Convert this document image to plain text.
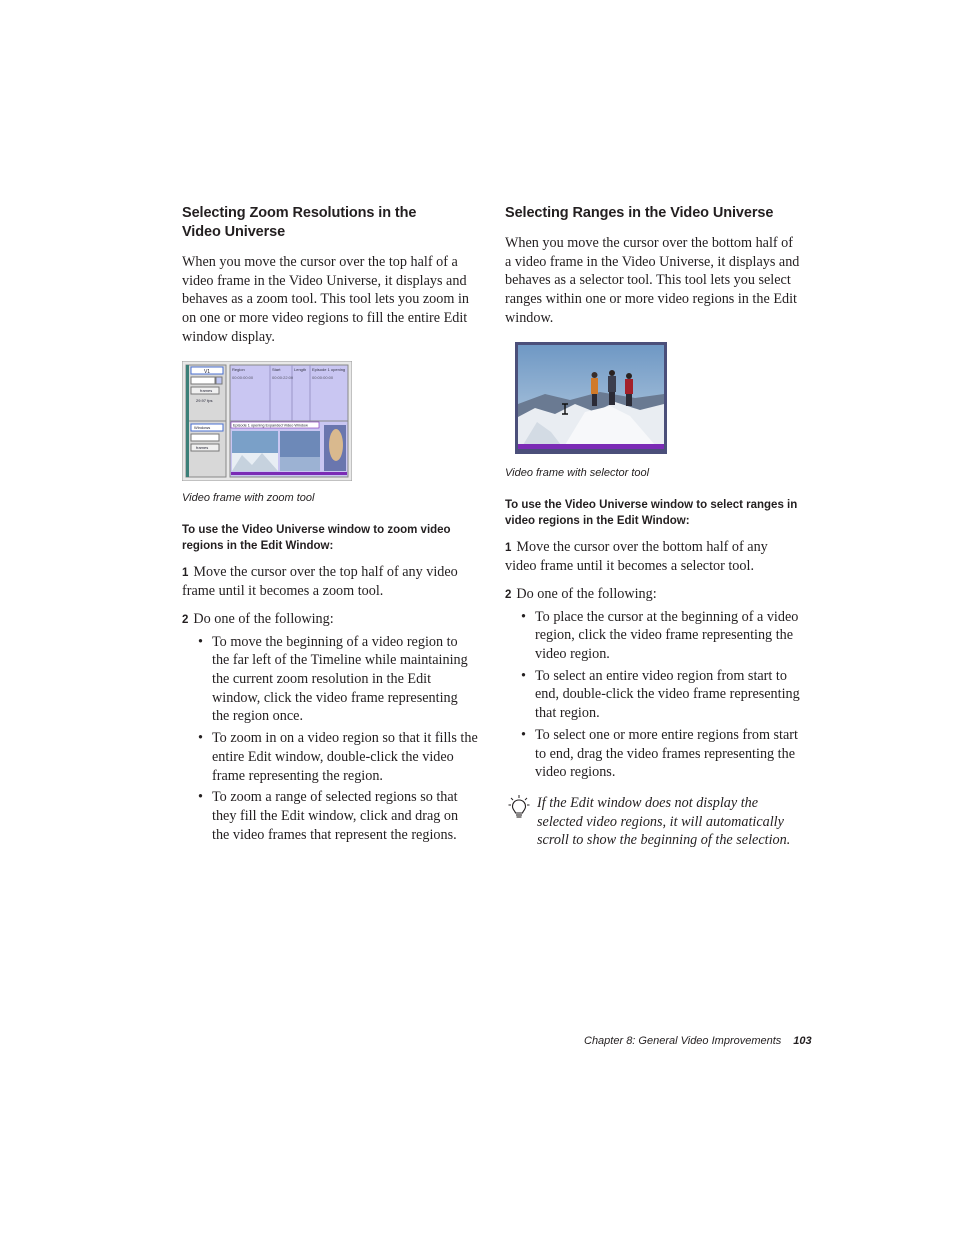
Selecting Zoom Resolutions in the
Video Universe

When you move the cursor over the top half of a video frame in the Video Universe, it displays and behaves as a zoom tool. This tool lets you zoom in on one or more video regions to fill the entire Edit window display.

V1
frames
29.97 fps
Windows
frames
Region	Start	Length Episode 1 opening
00:00:00:00	00:00:22:00	00:00:00:00
Episode 1 opening Expanded Video Window

Video frame with zoom tool

To use the Video Universe window to zoom video regions in the Edit Window:

1 Move the cursor over the top half of any video frame until it becomes a zoom tool.

2 Do one of the following:

• To move the beginning of a video region to the far left of the Timeline while maintaining the current zoom resolution in the Edit window, click the video frame representing the region once.
• To zoom in on a video region so that it fills the entire Edit window, double-click the video frame representing the region.
• To zoom a range of selected regions so that they fill the Edit window, click and drag on the video frames that represent the regions.
Selecting Ranges in the Video Universe

When you move the cursor over the bottom half of a video frame in the Video Universe, it displays and behaves as a selector tool. This tool lets you select ranges within one or more video regions in the Edit window.

Video frame with selector tool

To use the Video Universe window to select ranges in video regions in the Edit Window:

1 Move the cursor over the bottom half of any video frame until it becomes a selector tool.

2 Do one of the following:

• To place the cursor at the beginning of a video region, click the video frame representing the video region.
• To select an entire video region from start to end, double-click the video frame representing that region.
• To select one or more entire regions from start to end, drag the video frames representing the video regions.

If the Edit window does not display the selected video regions, it will automatically scroll to show the beginning of the selection.

Chapter 8: General Video Improvements 103
